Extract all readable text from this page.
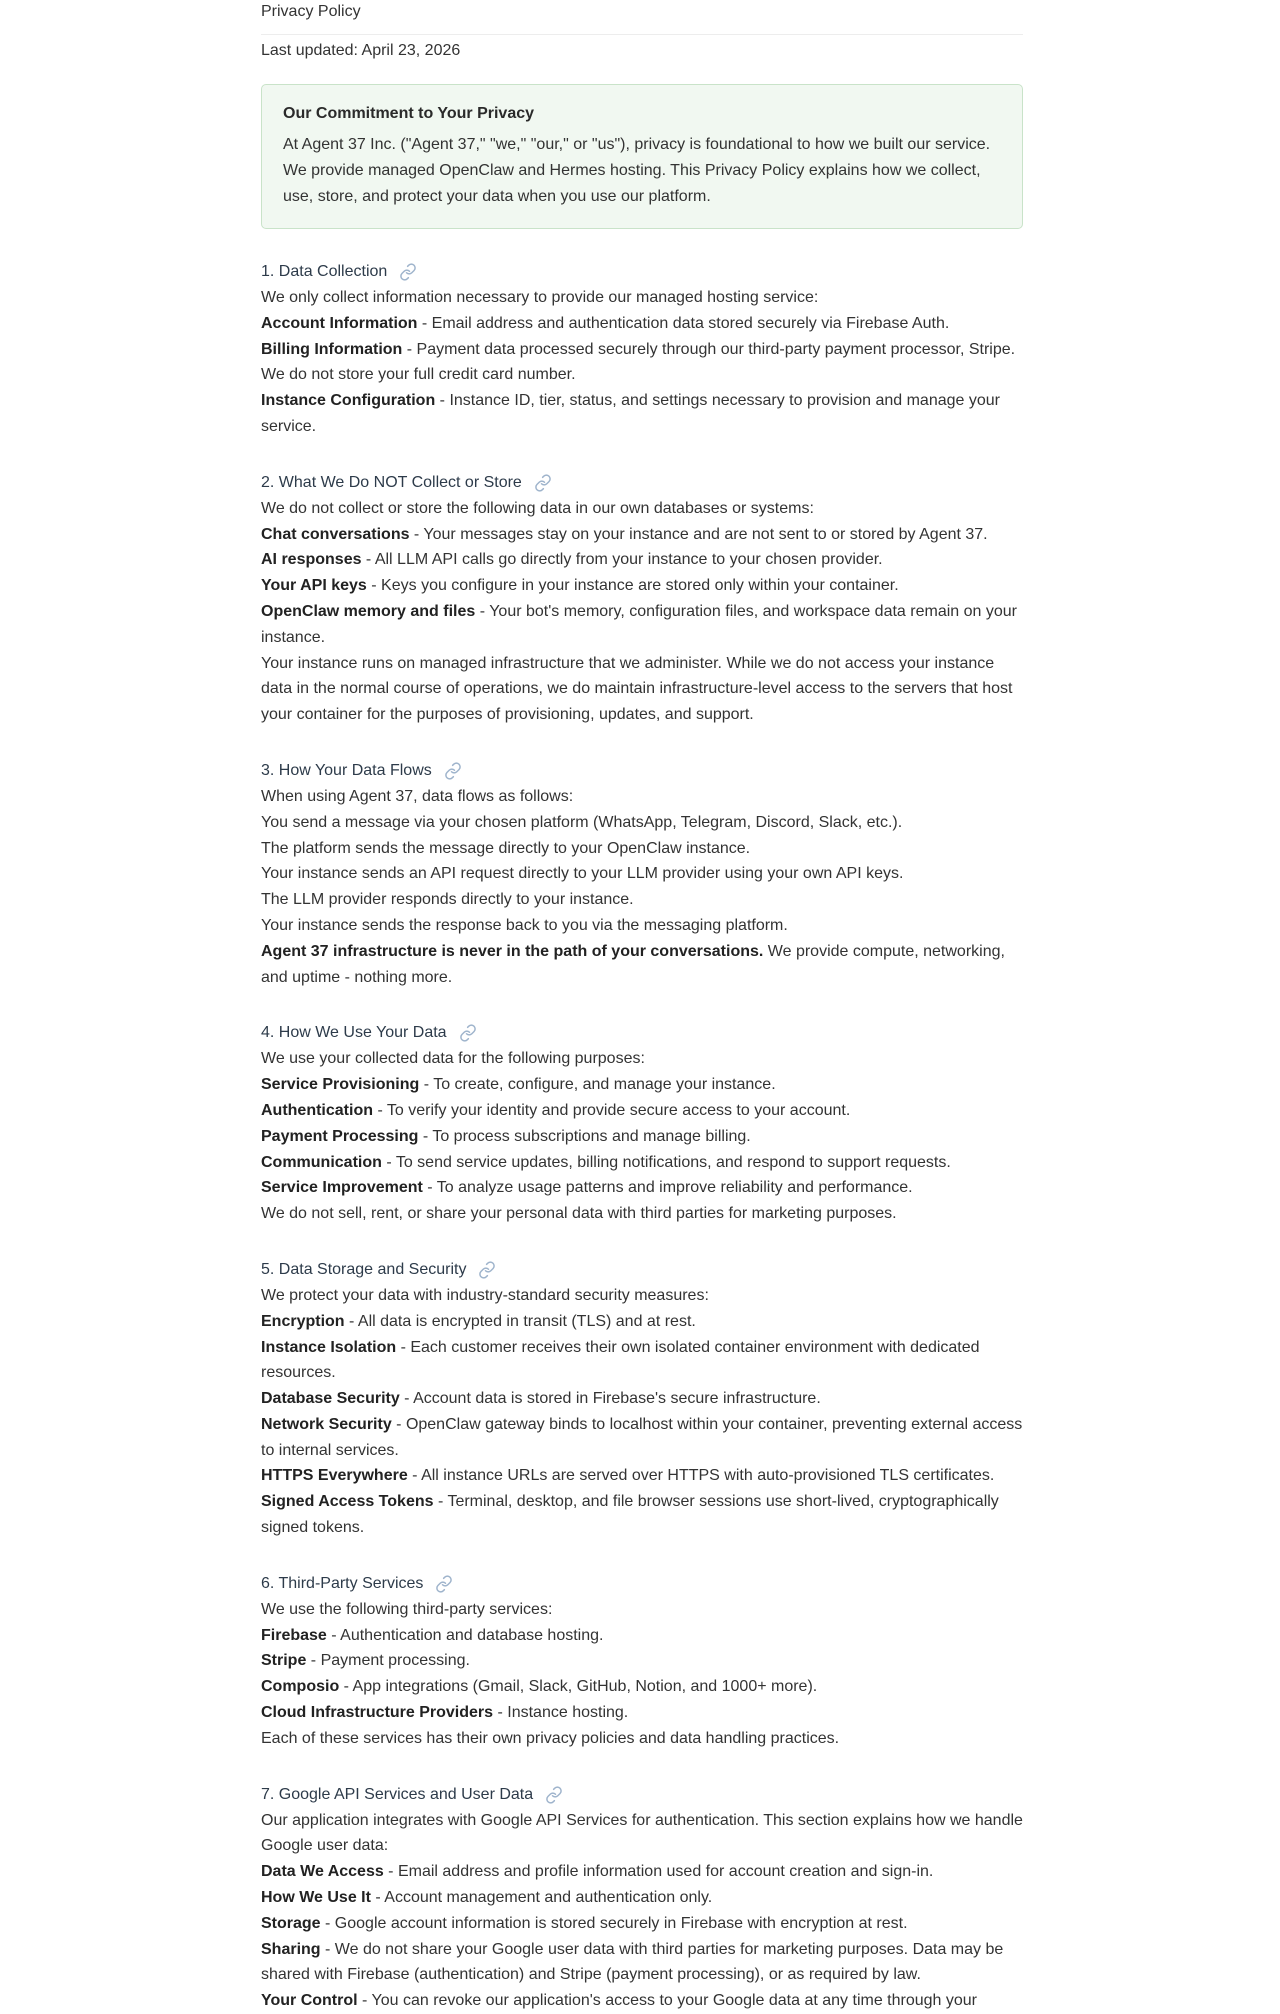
Privacy Policy
Last updated: April 23, 2026
Our Commitment to Your Privacy
At Agent 37 Inc. ("Agent 37," "we," "our," or "us"), privacy is foundational to how we built our service. We provide managed OpenClaw and Hermes hosting. This Privacy Policy explains how we collect, use, store, and protect your data when you use our platform.
1. Data Collection
We only collect information necessary to provide our managed hosting service:
Account Information - Email address and authentication data stored securely via Firebase Auth.
Billing Information - Payment data processed securely through our third-party payment processor, Stripe. We do not store your full credit card number.
Instance Configuration - Instance ID, tier, status, and settings necessary to provision and manage your service.
2. What We Do NOT Collect or Store
We do not collect or store the following data in our own databases or systems:
Chat conversations - Your messages stay on your instance and are not sent to or stored by Agent 37.
AI responses - All LLM API calls go directly from your instance to your chosen provider.
Your API keys - Keys you configure in your instance are stored only within your container.
OpenClaw memory and files - Your bot's memory, configuration files, and workspace data remain on your instance.
Your instance runs on managed infrastructure that we administer. While we do not access your instance data in the normal course of operations, we do maintain infrastructure-level access to the servers that host your container for the purposes of provisioning, updates, and support.
3. How Your Data Flows
When using Agent 37, data flows as follows:
You send a message via your chosen platform (WhatsApp, Telegram, Discord, Slack, etc.).
The platform sends the message directly to your OpenClaw instance.
Your instance sends an API request directly to your LLM provider using your own API keys.
The LLM provider responds directly to your instance.
Your instance sends the response back to you via the messaging platform.
Agent 37 infrastructure is never in the path of your conversations. We provide compute, networking, and uptime - nothing more.
4. How We Use Your Data
We use your collected data for the following purposes:
Service Provisioning - To create, configure, and manage your instance.
Authentication - To verify your identity and provide secure access to your account.
Payment Processing - To process subscriptions and manage billing.
Communication - To send service updates, billing notifications, and respond to support requests.
Service Improvement - To analyze usage patterns and improve reliability and performance.
We do not sell, rent, or share your personal data with third parties for marketing purposes.
5. Data Storage and Security
We protect your data with industry-standard security measures:
Encryption - All data is encrypted in transit (TLS) and at rest.
Instance Isolation - Each customer receives their own isolated container environment with dedicated resources.
Database Security - Account data is stored in Firebase's secure infrastructure.
Network Security - OpenClaw gateway binds to localhost within your container, preventing external access to internal services.
HTTPS Everywhere - All instance URLs are served over HTTPS with auto-provisioned TLS certificates.
Signed Access Tokens - Terminal, desktop, and file browser sessions use short-lived, cryptographically signed tokens.
6. Third-Party Services
We use the following third-party services:
Firebase - Authentication and database hosting.
Stripe - Payment processing.
Composio - App integrations (Gmail, Slack, GitHub, Notion, and 1000+ more).
Cloud Infrastructure Providers - Instance hosting.
Each of these services has their own privacy policies and data handling practices.
7. Google API Services and User Data
Our application integrates with Google API Services for authentication. This section explains how we handle Google user data:
Data We Access - Email address and profile information used for account creation and sign-in.
How We Use It - Account management and authentication only.
Storage - Google account information is stored securely in Firebase with encryption at rest.
Sharing - We do not share your Google user data with third parties for marketing purposes. Data may be shared with Firebase (authentication) and Stripe (payment processing), or as required by law.
Your Control - You can revoke our application's access to your Google data at any time through your
